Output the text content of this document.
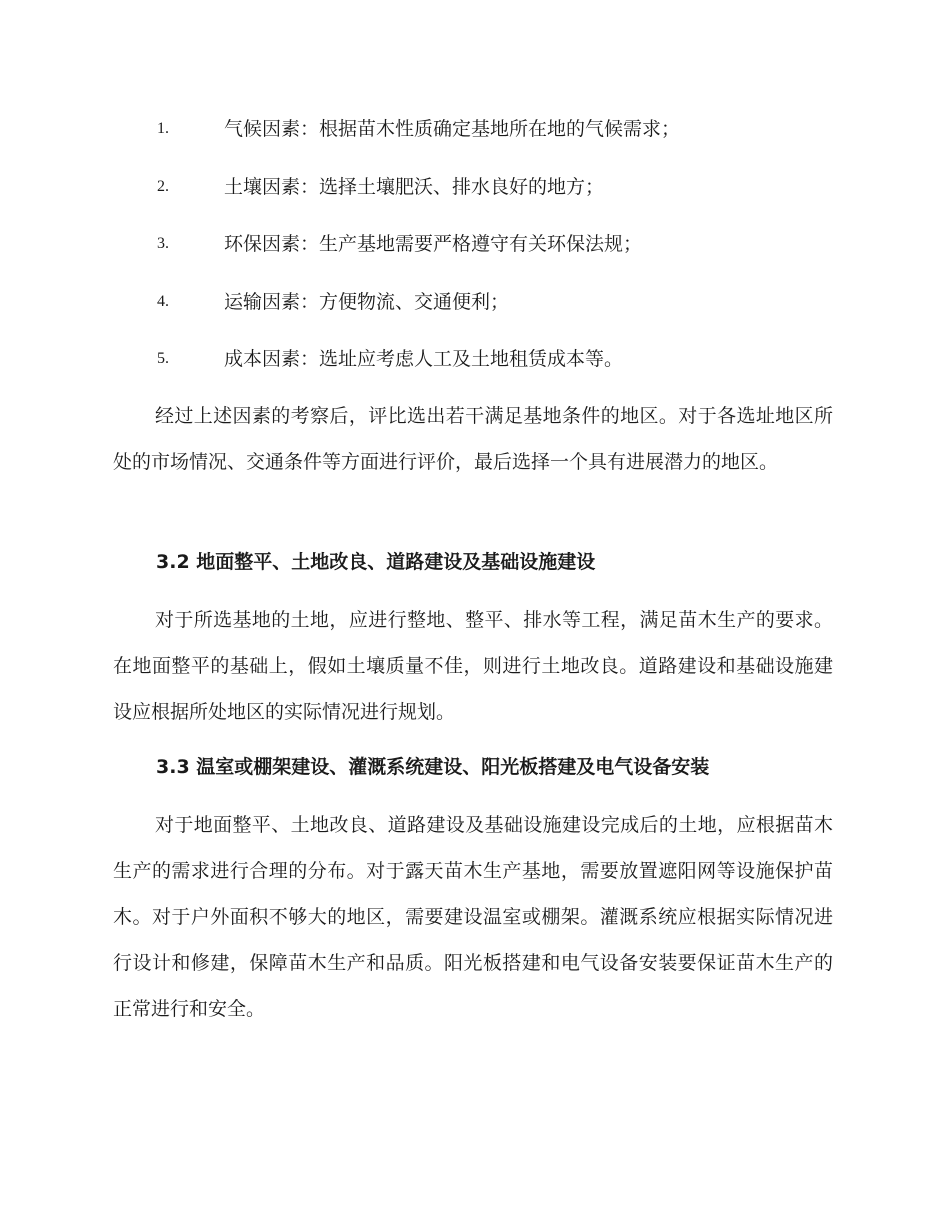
1.	气候因素：根据苗木性质确定基地所在地的气候需求；
2.	土壤因素：选择土壤肥沃、排水良好的地方；
3.	环保因素：生产基地需要严格遵守有关环保法规；
4.	运输因素：方便物流、交通便利；
5.	成本因素：选址应考虑人工及土地租赁成本等。

经过上述因素的考察后，评比选出若干满足基地条件的地区。对于各选址地区所处的市场情况、交通条件等方面进行评价，最后选择一个具有进展潜力的地区。

3.2 地面整平、土地改良、道路建设及基础设施建设

对于所选基地的土地，应进行整地、整平、排水等工程，满足苗木生产的要求。在地面整平的基础上，假如土壤质量不佳，则进行土地改良。道路建设和基础设施建设应根据所处地区的实际情况进行规划。

3.3 温室或棚架建设、灌溉系统建设、阳光板搭建及电气设备安装

对于地面整平、土地改良、道路建设及基础设施建设完成后的土地，应根据苗木生产的需求进行合理的分布。对于露天苗木生产基地，需要放置遮阳网等设施保护苗木。对于户外面积不够大的地区，需要建设温室或棚架。灌溉系统应根据实际情况进行设计和修建，保障苗木生产和品质。阳光板搭建和电气设备安装要保证苗木生产的正常进行和安全。
